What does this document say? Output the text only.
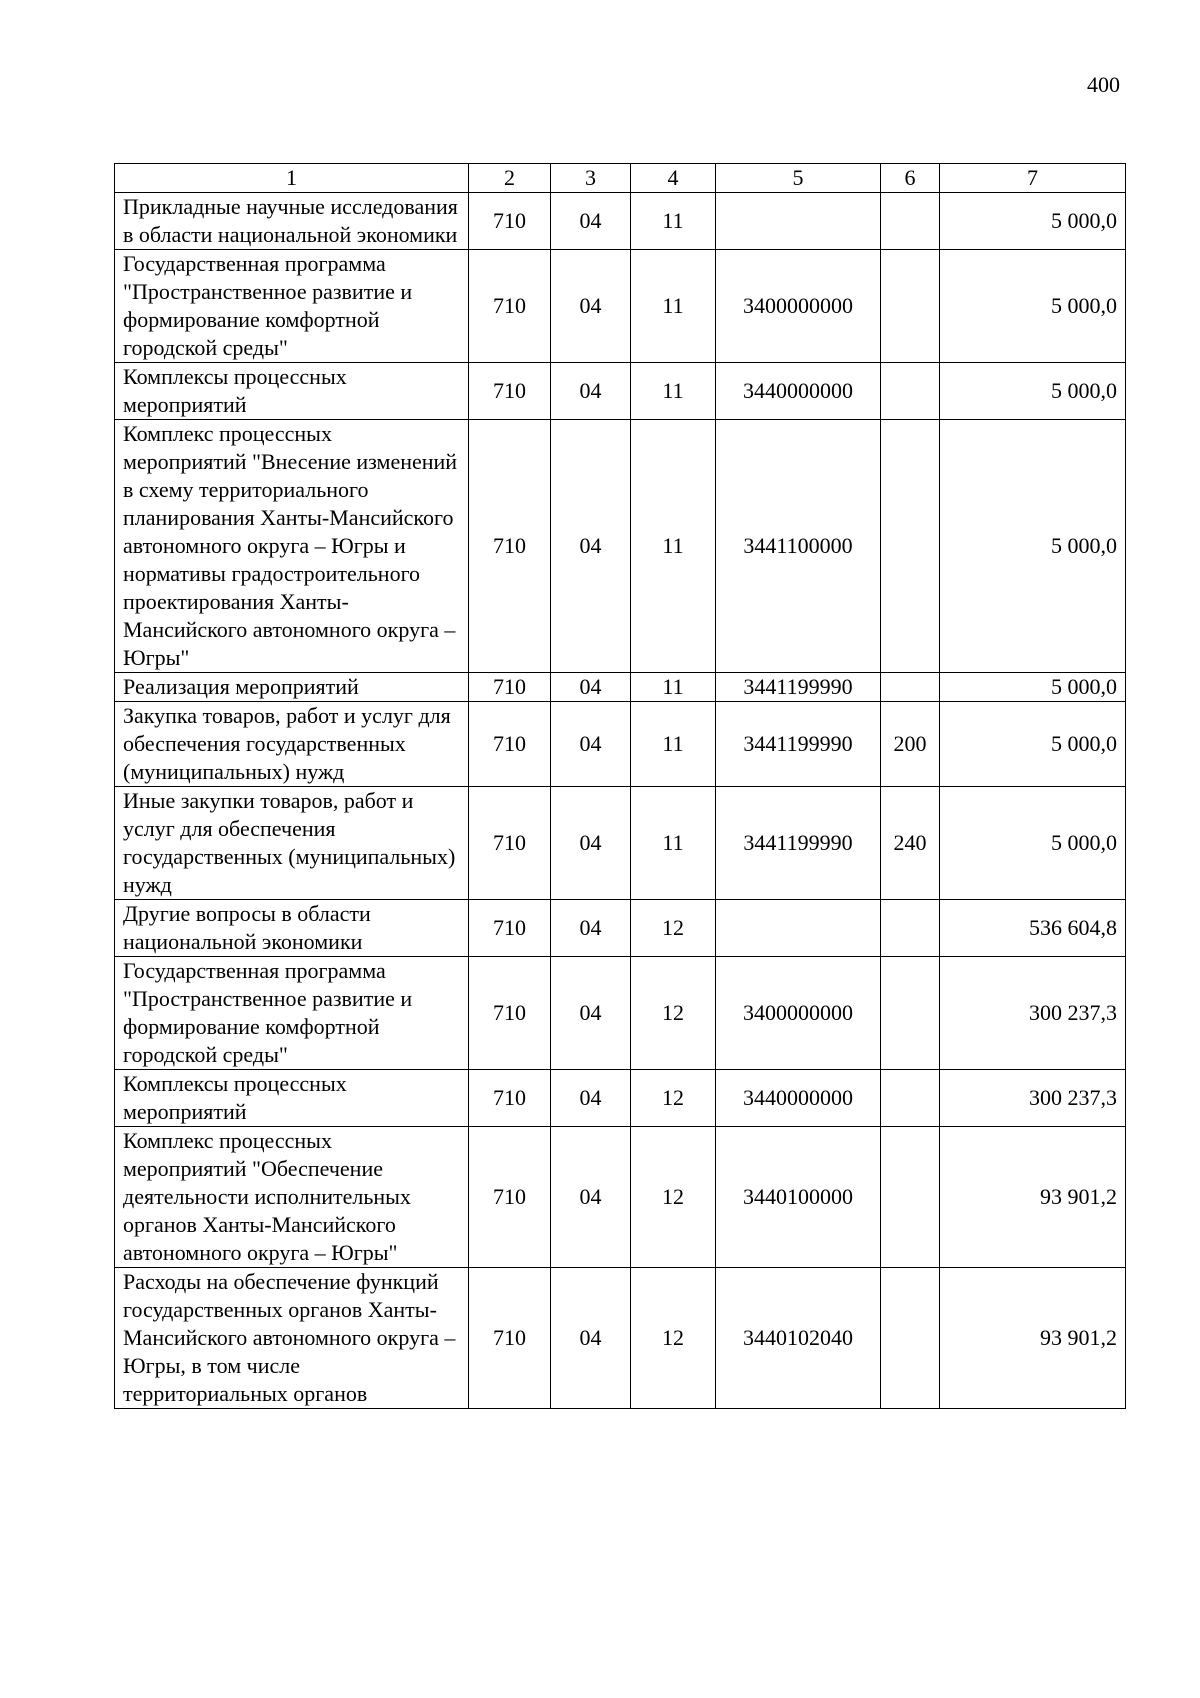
400
1	2	3	4	5	6	7
Прикладные научные исследования в области национальной экономики	710	04	11			5 000,0
Государственная программа "Пространственное развитие и формирование комфортной городской среды"	710	04	11	3400000000		5 000,0
Комплексы процессных мероприятий	710	04	11	3440000000		5 000,0
Комплекс процессных мероприятий "Внесение изменений в схему территориального планирования Ханты-Мансийского автономного округа – Югры и нормативы градостроительного проектирования Ханты-Мансийского автономного округа – Югры"	710	04	11	3441100000		5 000,0
Реализация мероприятий	710	04	11	3441199990		5 000,0
Закупка товаров, работ и услуг для обеспечения государственных (муниципальных) нужд	710	04	11	3441199990	200	5 000,0
Иные закупки товаров, работ и услуг для обеспечения государственных (муниципальных) нужд	710	04	11	3441199990	240	5 000,0
Другие вопросы в области национальной экономики	710	04	12			536 604,8
Государственная программа "Пространственное развитие и формирование комфортной городской среды"	710	04	12	3400000000		300 237,3
Комплексы процессных мероприятий	710	04	12	3440000000		300 237,3
Комплекс процессных мероприятий "Обеспечение деятельности исполнительных органов Ханты-Мансийского автономного округа – Югры"	710	04	12	3440100000		93 901,2
Расходы на обеспечение функций государственных органов Ханты-Мансийского автономного округа – Югры, в том числе территориальных органов	710	04	12	3440102040		93 901,2
